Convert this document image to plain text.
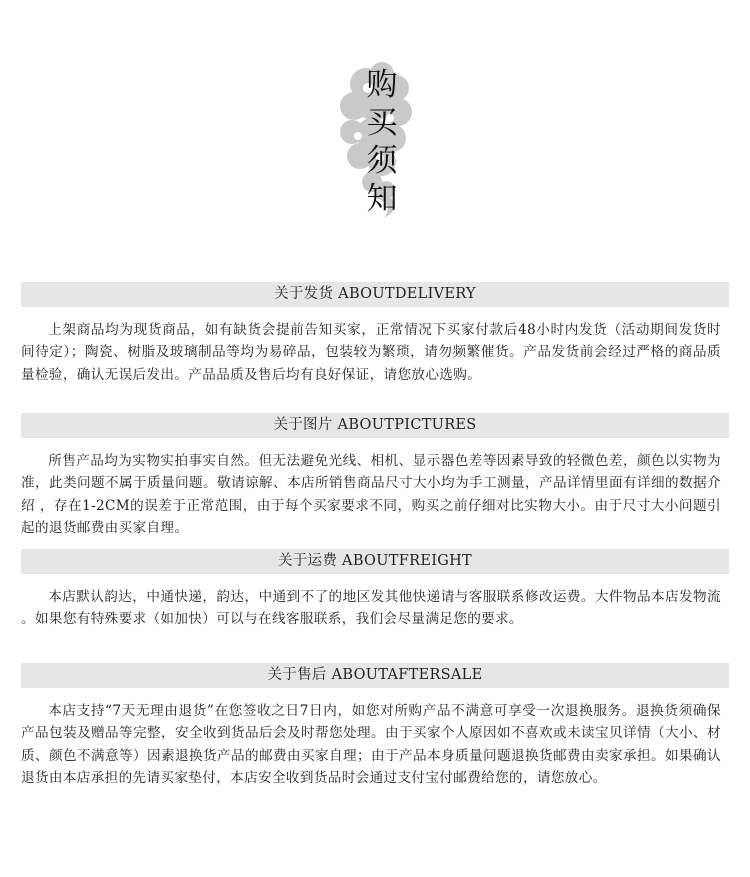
购
买
须
知
关于发货 ABOUTDELIVERY

上架商品均为现货商品，如有缺货会提前告知买家，正常情况下买家付款后48小时内发货（活动期间发货时间待定）；陶瓷、树脂及玻璃制品等均为易碎品，包装较为繁琐，请勿频繁催货。产品发货前会经过严格的商品质量检验，确认无误后发出。产品品质及售后均有良好保证，请您放心选购。

关于图片 ABOUTPICTURES

所售产品均为实物实拍事实自然。但无法避免光线、相机、显示器色差等因素导致的轻微色差，颜色以实物为准，此类问题不属于质量问题。敬请谅解、本店所销售商品尺寸大小均为手工测量，产品详情里面有详细的数据介绍 ，存在1-2CM的误差于正常范围，由于每个买家要求不同，购买之前仔细对比实物大小。由于尺寸大小问题引起的退货邮费由买家自理。

关于运费 ABOUTFREIGHT

本店默认韵达，中通快递，韵达，中通到不了的地区发其他快递请与客服联系修改运费。大件物品本店发物流 。如果您有特殊要求（如加快）可以与在线客服联系，我们会尽量满足您的要求。

关于售后 ABOUTAFTERSALE

本店支持“7天无理由退货”在您签收之日7日内，如您对所购产品不满意可享受一次退换服务。退换货须确保产品包装及赠品等完整，安全收到货品后会及时帮您处理。由于买家个人原因如不喜欢或未读宝贝详情（大小、材质、颜色不满意等）因素退换货产品的邮费由买家自理；由于产品本身质量问题退换货邮费由卖家承担。如果确认退货由本店承担的先请买家垫付，本店安全收到货品时会通过支付宝付邮费给您的，请您放心。
